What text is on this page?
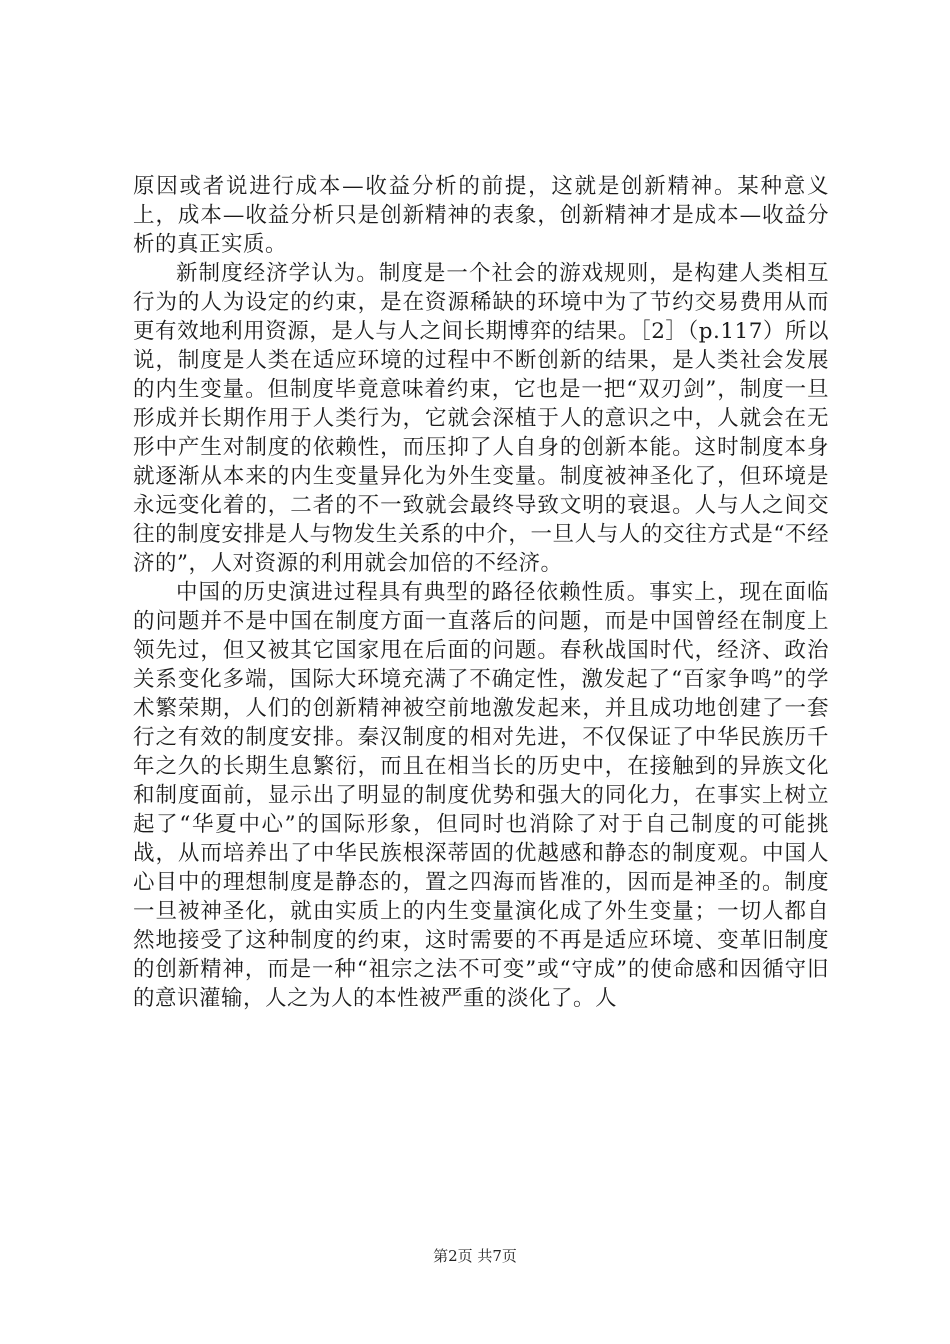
原因或者说进行成本—收益分析的前提，这就是创新精神。某种意义上，成本—收益分析只是创新精神的表象，创新精神才是成本—收益分析的真正实质。

新制度经济学认为。制度是一个社会的游戏规则，是构建人类相互行为的人为设定的约束，是在资源稀缺的环境中为了节约交易费用从而更有效地利用资源，是人与人之间长期博弈的结果。［2］（p.117）所以说，制度是人类在适应环境的过程中不断创新的结果，是人类社会发展的内生变量。但制度毕竟意味着约束，它也是一把“双刃剑”，制度一旦形成并长期作用于人类行为，它就会深植于人的意识之中，人就会在无形中产生对制度的依赖性，而压抑了人自身的创新本能。这时制度本身就逐渐从本来的内生变量异化为外生变量。制度被神圣化了，但环境是永远变化着的，二者的不一致就会最终导致文明的衰退。人与人之间交往的制度安排是人与物发生关系的中介，一旦人与人的交往方式是“不经济的”，人对资源的利用就会加倍的不经济。

中国的历史演进过程具有典型的路径依赖性质。事实上，现在面临的问题并不是中国在制度方面一直落后的问题，而是中国曾经在制度上领先过，但又被其它国家甩在后面的问题。春秋战国时代，经济、政治关系变化多端，国际大环境充满了不确定性，激发起了“百家争鸣”的学术繁荣期，人们的创新精神被空前地激发起来，并且成功地创建了一套行之有效的制度安排。秦汉制度的相对先进，不仅保证了中华民族历千年之久的长期生息繁衍，而且在相当长的历史中，在接触到的异族文化和制度面前，显示出了明显的制度优势和强大的同化力，在事实上树立起了“华夏中心”的国际形象，但同时也消除了对于自己制度的可能挑战，从而培养出了中华民族根深蒂固的优越感和静态的制度观。中国人心目中的理想制度是静态的，置之四海而皆准的，因而是神圣的。制度一旦被神圣化，就由实质上的内生变量演化成了外生变量；一切人都自然地接受了这种制度的约束，这时需要的不再是适应环境、变革旧制度的创新精神，而是一种“祖宗之法不可变”或“守成”的使命感和因循守旧的意识灌输，人之为人的本性被严重的淡化了。人

第2页 共7页
